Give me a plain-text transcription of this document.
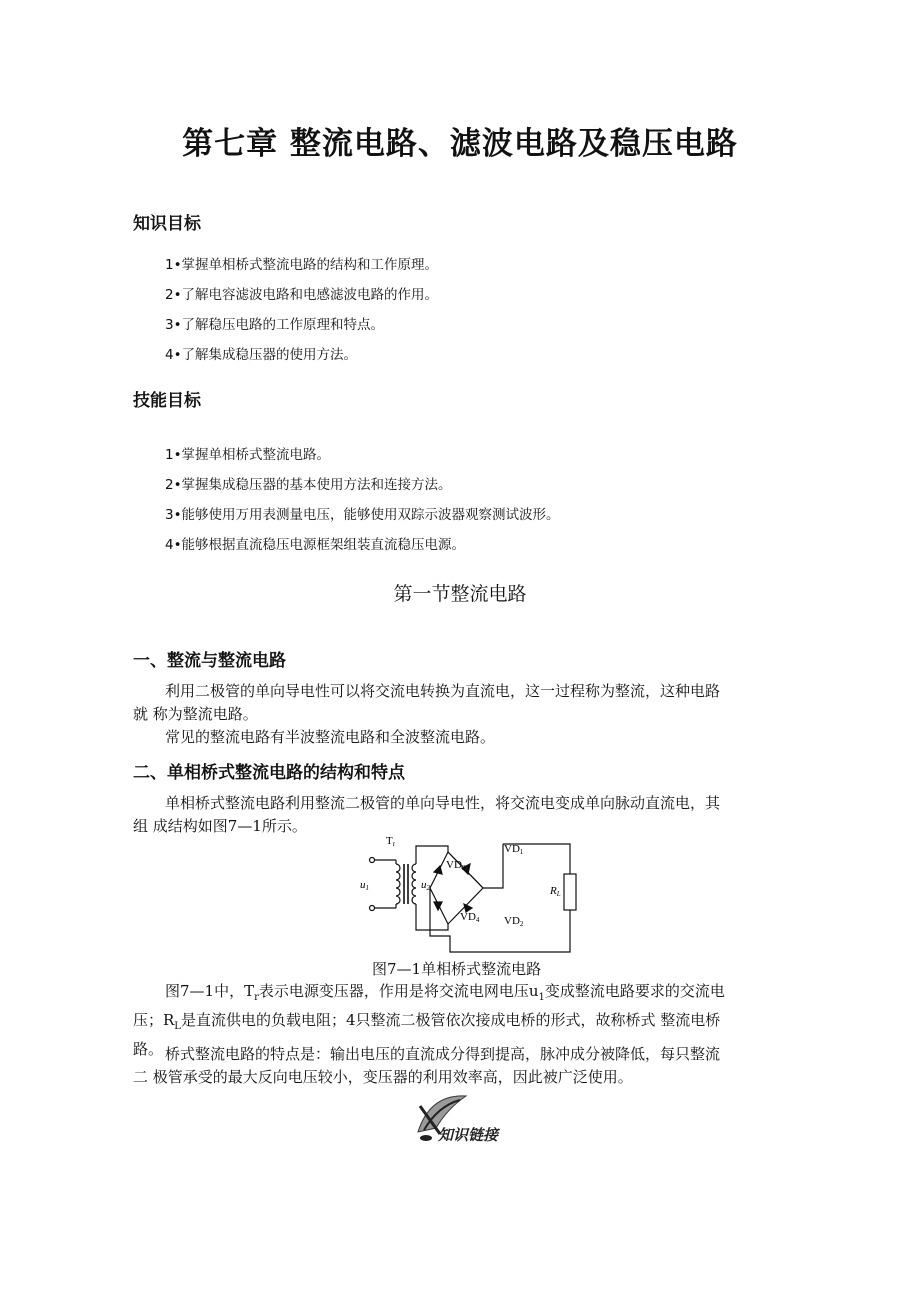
第七章 整流电路、滤波电路及稳压电路
知识目标
1•掌握单相桥式整流电路的结构和工作原理。
2•了解电容滤波电路和电感滤波电路的作用。
3•了解稳压电路的工作原理和特点。
4•了解集成稳压器的使用方法。
技能目标
1•掌握单相桥式整流电路。
2•掌握集成稳压器的基本使用方法和连接方法。
3•能够使用万用表测量电压，能够使用双踪示波器观察测试波形。
4•能够根据直流稳压电源框架组装直流稳压电源。
第一节整流电路
一、整流与整流电路
利用二极管的单向导电性可以将交流电转换为直流电，这一过程称为整流，这种电路
就 称为整流电路。
常见的整流电路有半波整流电路和全波整流电路。
二、单相桥式整流电路的结构和特点
单相桥式整流电路利用整流二极管的单向导电性，将交流电变成单向脉动直流电，其
组 成结构如图7—1所示。
Tr
u1	u2
VD1
VD2
VD3
VD4
RL
图7—1单相桥式整流电路
图7—1中，$T_r$表示电源变压器，作用是将交流电网电压$u_1$变成整流电路要求的交流电
压；$R_L$是直流供电的负载电阻；4只整流二极管依次接成电桥的形式，故称桥式 整流电桥
路。 桥式整流电路的特点是：输出电压的直流成分得到提高，脉冲成分被降低，每只整流
二 极管承受的最大反向电压较小，变压器的利用效率高，因此被广泛使用。
知识链接
